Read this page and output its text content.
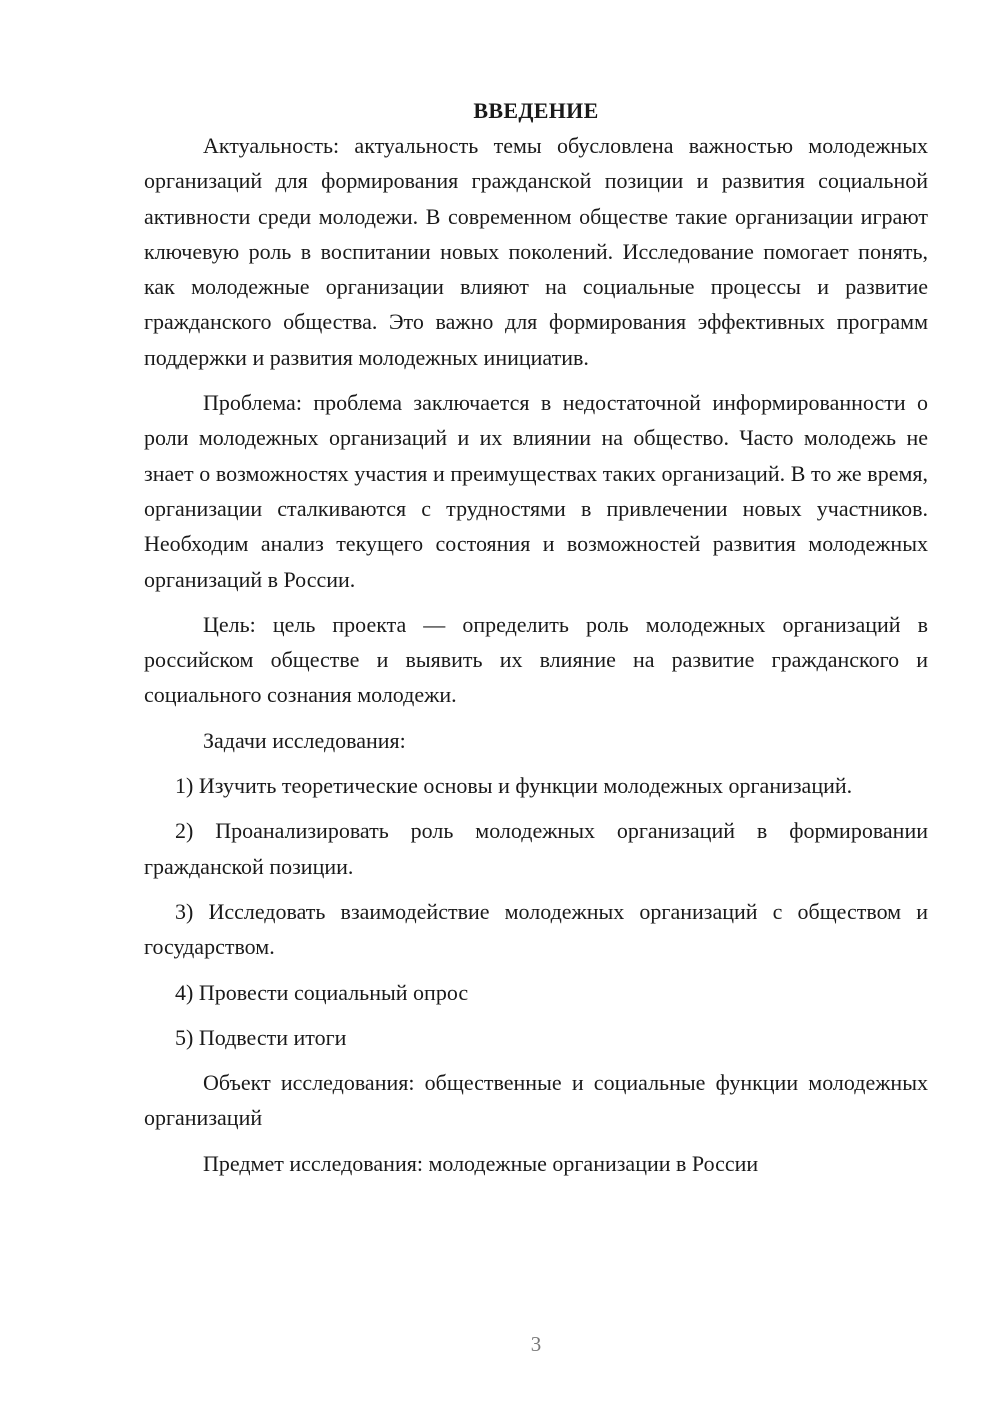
ВВЕДЕНИЕ

Актуальность: актуальность темы обусловлена важностью молодежных организаций для формирования гражданской позиции и развития социальной активности среди молодежи. В современном обществе такие организации играют ключевую роль в воспитании новых поколений. Исследование помогает понять, как молодежные организации влияют на социальные процессы и развитие гражданского общества. Это важно для формирования эффективных программ поддержки и развития молодежных инициатив.

Проблема: проблема заключается в недостаточной информированности о роли молодежных организаций и их влиянии на общество. Часто молодежь не знает о возможностях участия и преимуществах таких организаций. В то же время, организации сталкиваются с трудностями в привлечении новых участников. Необходим анализ текущего состояния и возможностей развития молодежных организаций в России.

Цель: цель проекта — определить роль молодежных организаций в российском обществе и выявить их влияние на развитие гражданского и социального сознания молодежи.

Задачи исследования:

1) Изучить теоретические основы и функции молодежных организаций.

2) Проанализировать роль молодежных организаций в формировании гражданской позиции.

3) Исследовать взаимодействие молодежных организаций с обществом и государством.

4) Провести социальный опрос

5) Подвести итоги

Объект исследования: общественные и социальные функции молодежных организаций

Предмет исследования: молодежные организации в России

3
